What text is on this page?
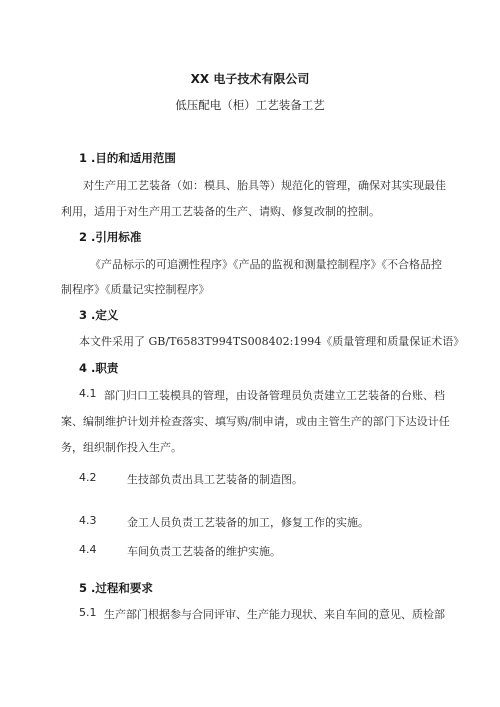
XX 电子技术有限公司
低压配电（柜）工艺装备工艺
1 .目的和适用范围
对生产用工艺装备（如：模具、胎具等）规范化的管理，确保对其实现最佳
利用，适用于对生产用工艺装备的生产、请购、修复改制的控制。
2 .引用标准
《产品标示的可追溯性程序》《产品的监视和测量控制程序》《不合格品控
制程序》《质量记实控制程序》
3 .定义
本文件采用了 GB/T6583T994TS008402:1994《质量管理和质量保证术语》
4 .职责
4.1 部门归口工装模具的管理，由设备管理员负责建立工艺装备的台账、档
案、编制维护计划并检查落实、填写购/制申请，或由主管生产的部门下达设计任
务，组织制作投入生产。
4.2	生技部负责出具工艺装备的制造图。
4.3	金工人员负责工艺装备的加工，修复工作的实施。
4.4	车间负责工艺装备的维护实施。
5 .过程和要求
5.1 生产部门根据参与合同评审、生产能力现状、来自车间的意见、质检部
